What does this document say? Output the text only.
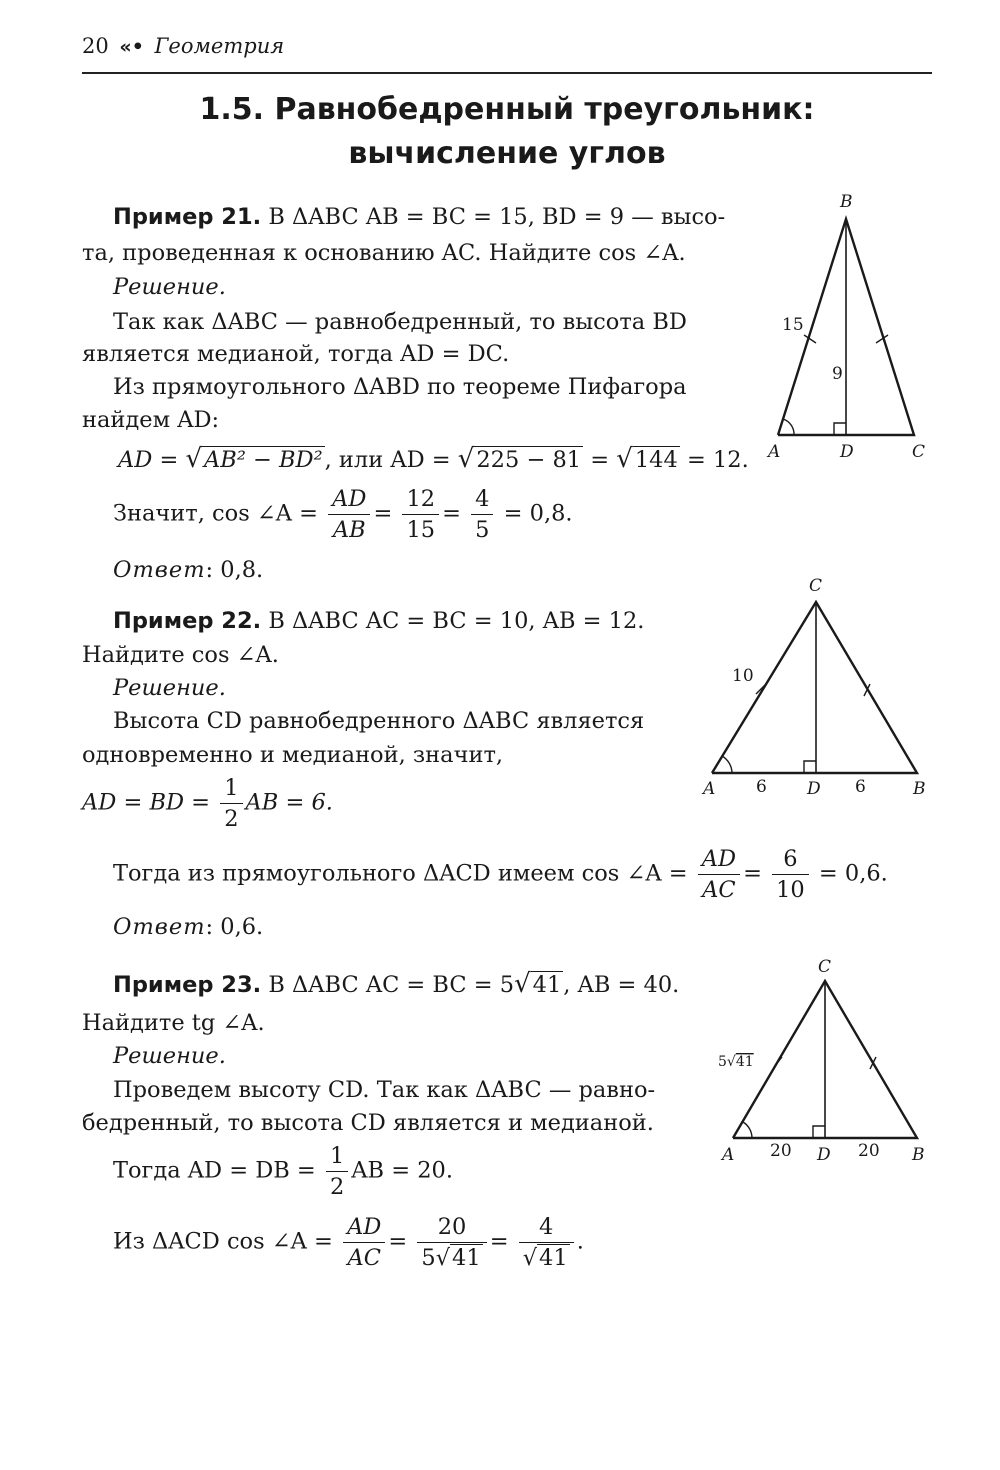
20 «• Геометрия
1.5. Равнобедренный треугольник:
вычисление углов
Пример 21. В ΔABC AB = BC = 15, BD = 9 — высо-
та, проведенная к основанию AC. Найдите cos ∠A.
Решение.
Так как ΔABC — равнобедренный, то высота BD
является медианой, тогда AD = DC.
Из прямоугольного ΔABD по теореме Пифагора
найдем AD:
AD = √AB² − BD², или AD = √225 − 81 = √144 = 12.
Значит, cos ∠A = $\frac{AD}{AB} = \frac{12}{15} = \frac{4}{5} = 0,8$.
Ответ: 0,8.
B
A	D	C
15
9
Пример 22. В ΔABC AC = BC = 10, AB = 12.
Найдите cos ∠A.
Решение.
Высота CD равнобедренного ΔABC является
одновременно и медианой, значит,
AD = BD = $\frac{1}{2}$ AB = 6.
Тогда из прямоугольного ΔACD имеем cos ∠A = $\frac{AD}{AC} = \frac{6}{10} = 0,6$.
Ответ: 0,6.
C
A	D	B
10
6	6
Пример 23. В ΔABC AC = BC = 5√41, AB = 40.
Найдите tg ∠A.
Решение.
Проведем высоту CD. Так как ΔABC — равно-
бедренный, то высота CD является и медианой.
Тогда AD = DB = $\frac{1}{2}$ AB = 20.
Из ΔACD cos ∠A = $\frac{AD}{AC} = \frac{20}{5√41} = \frac{4}{√41}$ .
C
A	D	B
5√41
20	20
